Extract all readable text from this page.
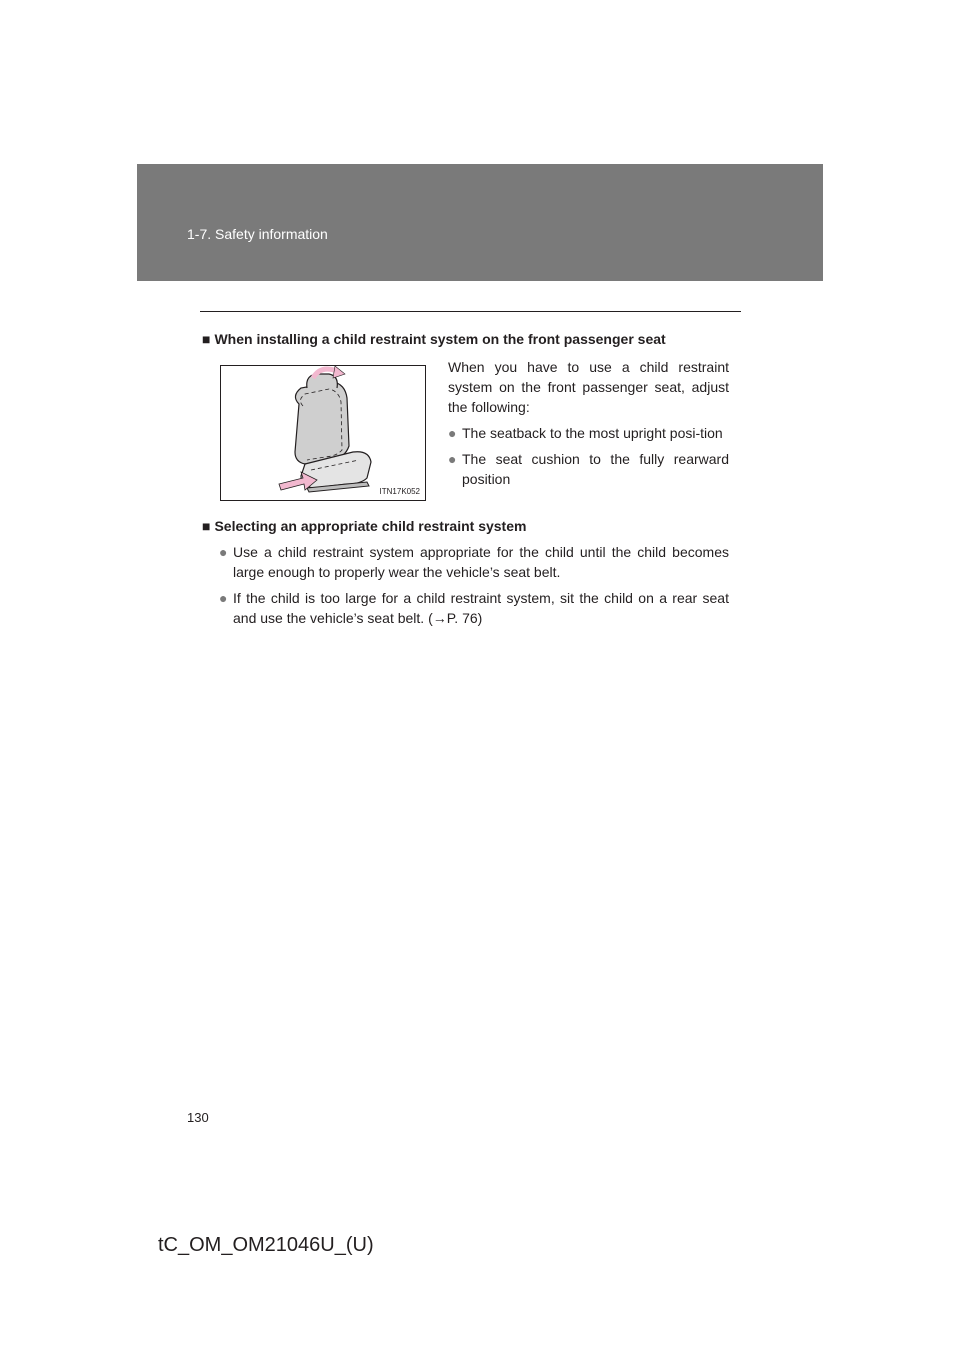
1-7. Safety information
■ When installing a child restraint system on the front passenger seat
ITN17K052

When you have to use a child restraint system on the front passenger seat, adjust the following:

● The seatback to the most upright posi-tion

● The seat cushion to the fully rearward position

■ Selecting an appropriate child restraint system

● Use a child restraint system appropriate for the child until the child becomes large enough to properly wear the vehicle’s seat belt.

● If the child is too large for a child restraint system, sit the child on a rear seat and use the vehicle’s seat belt. (→P. 76)

130
tC_OM_OM21046U_(U)
